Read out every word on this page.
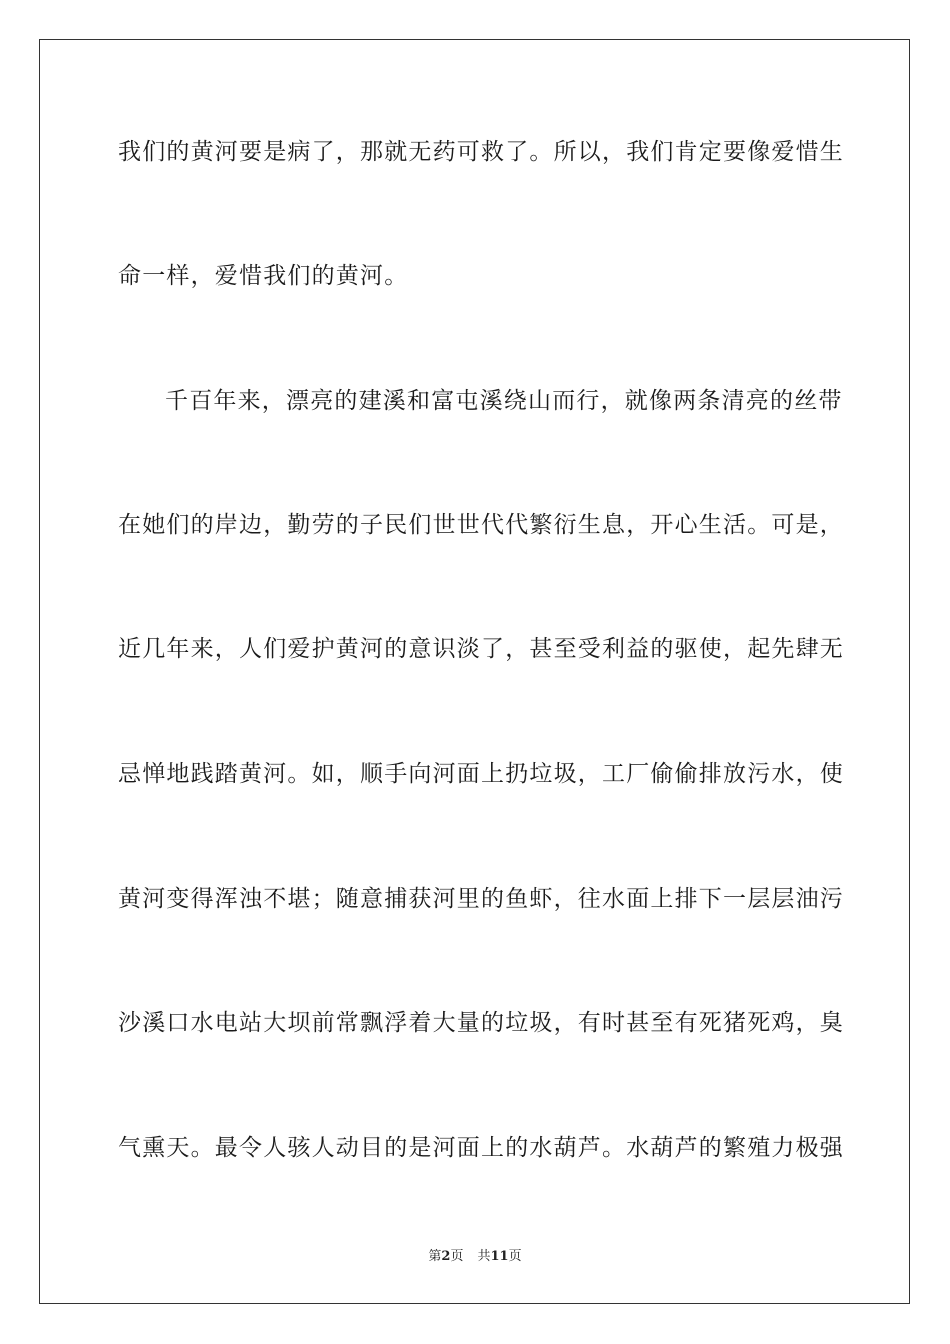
我们的黄河要是病了，那就无药可救了。所以，我们肯定要像爱惜生
命一样，爱惜我们的黄河。
千百年来，漂亮的建溪和富屯溪绕山而行，就像两条清亮的丝带
在她们的岸边，勤劳的子民们世世代代繁衍生息，开心生活。可是，
近几年来，人们爱护黄河的意识淡了，甚至受利益的驱使，起先肆无
忌惮地践踏黄河。如，顺手向河面上扔垃圾，工厂偷偷排放污水，使
黄河变得浑浊不堪；随意捕获河里的鱼虾，往水面上排下一层层油污
沙溪口水电站大坝前常飘浮着大量的垃圾，有时甚至有死猪死鸡，臭
气熏天。最令人骇人动目的是河面上的水葫芦。水葫芦的繁殖力极强
第2页 共11页
